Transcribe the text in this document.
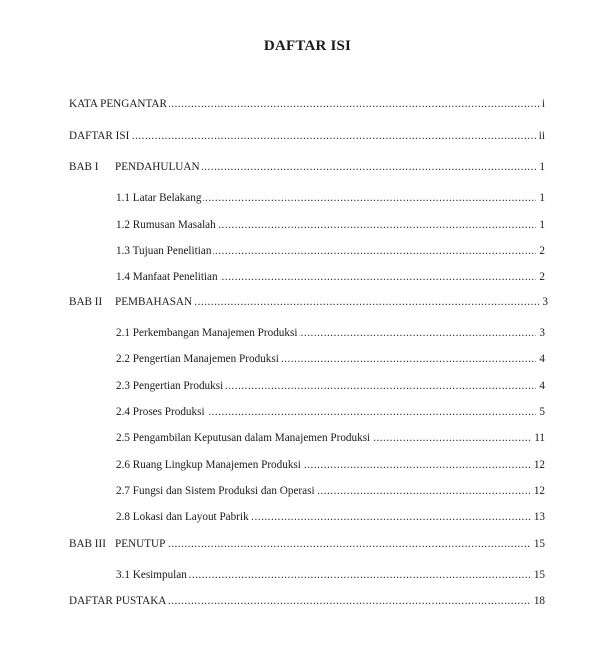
DAFTAR ISI
.....
KATA PENGANTAR	i
.....
DAFTAR ISI	ii
.....
BAB I PENDAHULUAN	1
.....
1.1 Latar Belakang	1
.....
1.2 Rumusan Masalah	1
.....
1.3 Tujuan Penelitian	2
.....
1.4 Manfaat Penelitian	2
.....
BAB II PEMBAHASAN	3
.....
2.1 Perkembangan Manajemen Produksi	3
.....
2.2 Pengertian Manajemen Produksi	4
.....
2.3 Pengertian Produksi	4
.....
2.4 Proses Produksi	5
.....
2.5 Pengambilan Keputusan dalam Manajemen Produksi	11
.....
2.6 Ruang Lingkup Manajemen Produksi	12
.....
2.7 Fungsi dan Sistem Produksi dan Operasi	12
.....
2.8 Lokasi dan Layout Pabrik	13
.....
BAB III PENUTUP	15
.....
3.1 Kesimpulan	15
.....
DAFTAR PUSTAKA	18
